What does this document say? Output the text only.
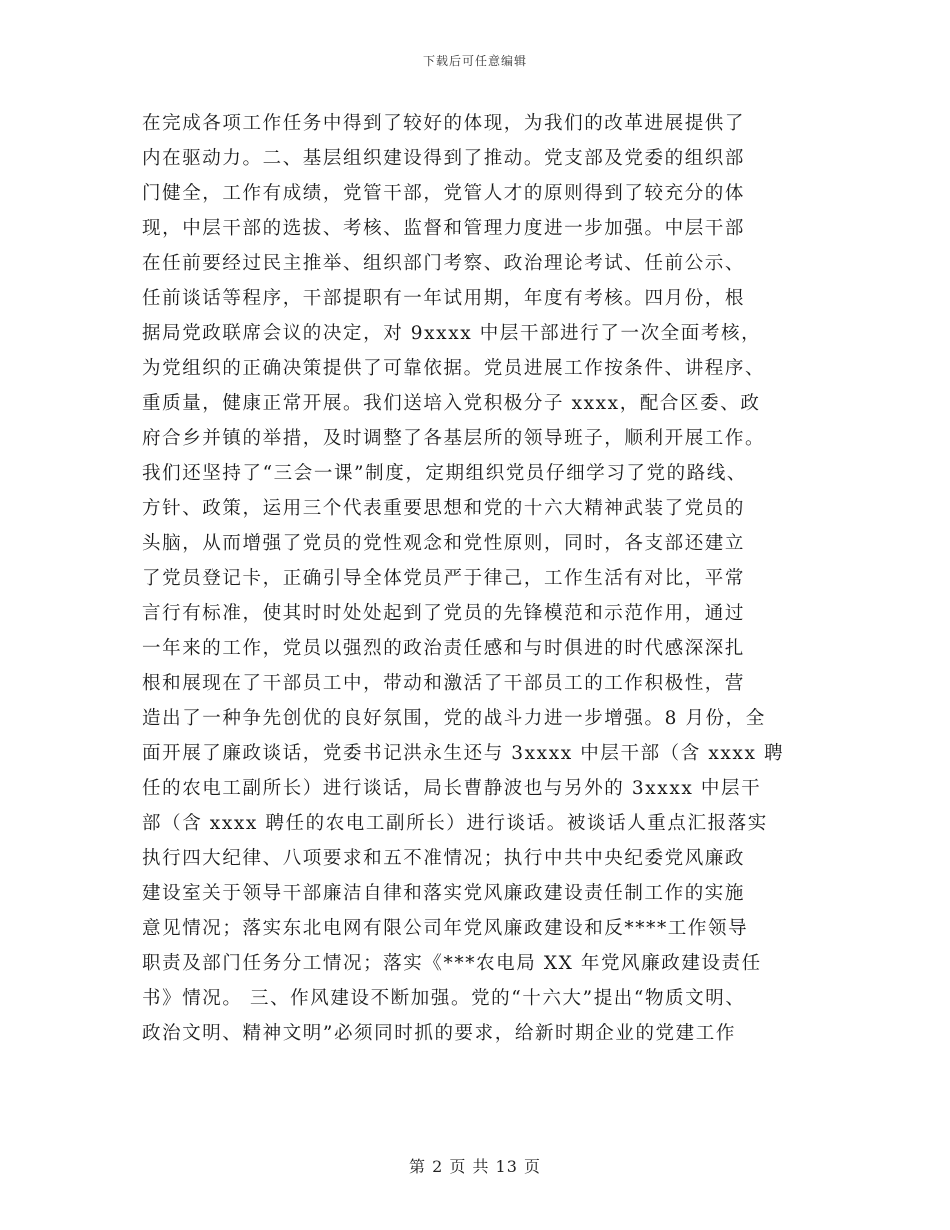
下载后可任意编辑
在完成各项工作任务中得到了较好的体现，为我们的改革进展提供了
内在驱动力。二、基层组织建设得到了推动。党支部及党委的组织部
门健全，工作有成绩，党管干部，党管人才的原则得到了较充分的体
现，中层干部的选拔、考核、监督和管理力度进一步加强。中层干部
在任前要经过民主推举、组织部门考察、政治理论考试、任前公示、
任前谈话等程序，干部提职有一年试用期，年度有考核。四月份，根
据局党政联席会议的决定，对 9xxxx 中层干部进行了一次全面考核，
为党组织的正确决策提供了可靠依据。党员进展工作按条件、讲程序、
重质量，健康正常开展。我们送培入党积极分子 xxxx，配合区委、政
府合乡并镇的举措，及时调整了各基层所的领导班子，顺利开展工作。
我们还坚持了“三会一课”制度，定期组织党员仔细学习了党的路线、
方针、政策，运用三个代表重要思想和党的十六大精神武装了党员的
头脑，从而增强了党员的党性观念和党性原则，同时，各支部还建立
了党员登记卡，正确引导全体党员严于律己，工作生活有对比，平常
言行有标准，使其时时处处起到了党员的先锋模范和示范作用，通过
一年来的工作，党员以强烈的政治责任感和与时俱进的时代感深深扎
根和展现在了干部员工中，带动和激活了干部员工的工作积极性，营
造出了一种争先创优的良好氛围，党的战斗力进一步增强。8 月份，全
面开展了廉政谈话，党委书记洪永生还与 3xxxx 中层干部（含 xxxx 聘
任的农电工副所长）进行谈话，局长曹静波也与另外的 3xxxx 中层干
部（含 xxxx 聘任的农电工副所长）进行谈话。被谈话人重点汇报落实
执行四大纪律、八项要求和五不准情况；执行中共中央纪委党风廉政
建设室关于领导干部廉洁自律和落实党风廉政建设责任制工作的实施
意见情况；落实东北电网有限公司年党风廉政建设和反****工作领导
职责及部门任务分工情况；落实《***农电局 XX 年党风廉政建设责任
书》情况。 三、作风建设不断加强。党的“十六大”提出“物质文明、
政治文明、精神文明”必须同时抓的要求，给新时期企业的党建工作
第 2 页 共 13 页
